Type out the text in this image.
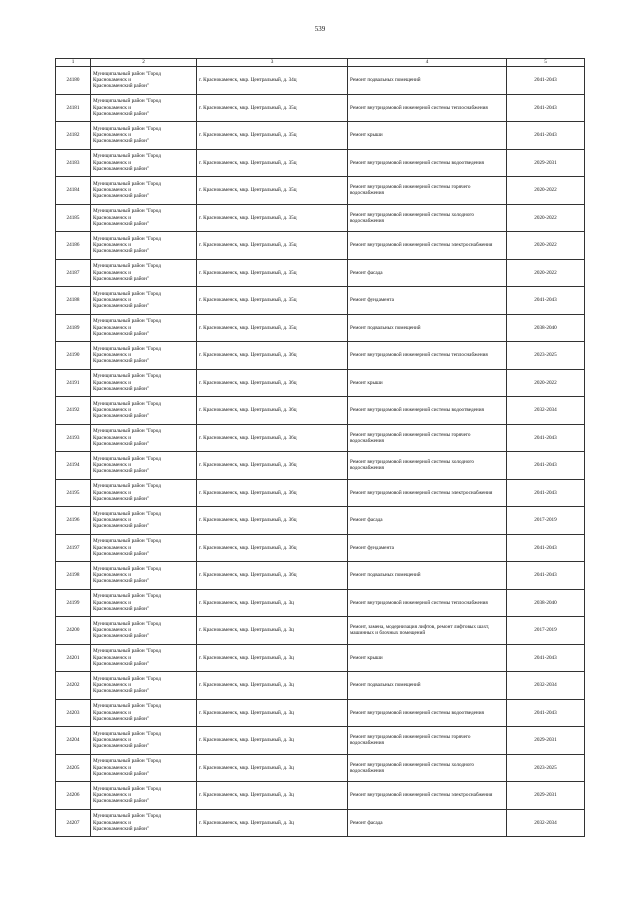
539
1	2	3	4	5
24180	Муниципальный район "Город
Краснокаменск и
Краснокаменский район"	г. Краснокаменск, мкр. Центральный, д. 34ц	Ремонт подвальных помещений	2041-2043
24181	Муниципальный район "Город
Краснокаменск и
Краснокаменский район"	г. Краснокаменск, мкр. Центральный, д. 35ц	Ремонт внутридомовой инженерной системы теплоснабжения	2041-2043
24182	Муниципальный район "Город
Краснокаменск и
Краснокаменский район"	г. Краснокаменск, мкр. Центральный, д. 35ц	Ремонт крыши	2041-2043
24183	Муниципальный район "Город
Краснокаменск и
Краснокаменский район"	г. Краснокаменск, мкр. Центральный, д. 35ц	Ремонт внутридомовой инженерной системы водоотведения	2029-2031
24184	Муниципальный район "Город
Краснокаменск и
Краснокаменский район"	г. Краснокаменск, мкр. Центральный, д. 35ц	Ремонт внутридомовой инженерной системы горячего водоснабжения	2020-2022
24185	Муниципальный район "Город
Краснокаменск и
Краснокаменский район"	г. Краснокаменск, мкр. Центральный, д. 35ц	Ремонт внутридомовой инженерной системы холодного водоснабжения	2020-2022
24186	Муниципальный район "Город
Краснокаменск и
Краснокаменский район"	г. Краснокаменск, мкр. Центральный, д. 35ц	Ремонт внутридомовой инженерной системы электроснабжения	2020-2022
24187	Муниципальный район "Город
Краснокаменск и
Краснокаменский район"	г. Краснокаменск, мкр. Центральный, д. 35ц	Ремонт фасада	2020-2022
24188	Муниципальный район "Город
Краснокаменск и
Краснокаменский район"	г. Краснокаменск, мкр. Центральный, д. 35ц	Ремонт фундамента	2041-2043
24189	Муниципальный район "Город
Краснокаменск и
Краснокаменский район"	г. Краснокаменск, мкр. Центральный, д. 35ц	Ремонт подвальных помещений	2038-2040
24190	Муниципальный район "Город
Краснокаменск и
Краснокаменский район"	г. Краснокаменск, мкр. Центральный, д. 36ц	Ремонт внутридомовой инженерной системы теплоснабжения	2023-2025
24191	Муниципальный район "Город
Краснокаменск и
Краснокаменский район"	г. Краснокаменск, мкр. Центральный, д. 36ц	Ремонт крыши	2020-2022
24192	Муниципальный район "Город
Краснокаменск и
Краснокаменский район"	г. Краснокаменск, мкр. Центральный, д. 36ц	Ремонт внутридомовой инженерной системы водоотведения	2032-2034
24193	Муниципальный район "Город
Краснокаменск и
Краснокаменский район"	г. Краснокаменск, мкр. Центральный, д. 36ц	Ремонт внутридомовой инженерной системы горячего водоснабжения	2041-2043
24194	Муниципальный район "Город
Краснокаменск и
Краснокаменский район"	г. Краснокаменск, мкр. Центральный, д. 36ц	Ремонт внутридомовой инженерной системы холодного водоснабжения	2041-2043
24195	Муниципальный район "Город
Краснокаменск и
Краснокаменский район"	г. Краснокаменск, мкр. Центральный, д. 36ц	Ремонт внутридомовой инженерной системы электроснабжения	2041-2043
24196	Муниципальный район "Город
Краснокаменск и
Краснокаменский район"	г. Краснокаменск, мкр. Центральный, д. 36ц	Ремонт фасада	2017-2019
24197	Муниципальный район "Город
Краснокаменск и
Краснокаменский район"	г. Краснокаменск, мкр. Центральный, д. 36ц	Ремонт фундамента	2041-2043
24198	Муниципальный район "Город
Краснокаменск и
Краснокаменский район"	г. Краснокаменск, мкр. Центральный, д. 36ц	Ремонт подвальных помещений	2041-2043
24199	Муниципальный район "Город
Краснокаменск и
Краснокаменский район"	г. Краснокаменск, мкр. Центральный, д. 3ц	Ремонт внутридомовой инженерной системы теплоснабжения	2038-2040
24200	Муниципальный район "Город
Краснокаменск и
Краснокаменский район"	г. Краснокаменск, мкр. Центральный, д. 3ц	Ремонт, замена, модернизация лифтов, ремонт лифтовых шахт, машинных и блочных помещений	2017-2019
24201	Муниципальный район "Город
Краснокаменск и
Краснокаменский район"	г. Краснокаменск, мкр. Центральный, д. 3ц	Ремонт крыши	2041-2043
24202	Муниципальный район "Город
Краснокаменск и
Краснокаменский район"	г. Краснокаменск, мкр. Центральный, д. 3ц	Ремонт подвальных помещений	2032-2034
24203	Муниципальный район "Город
Краснокаменск и
Краснокаменский район"	г. Краснокаменск, мкр. Центральный, д. 3ц	Ремонт внутридомовой инженерной системы водоотведения	2041-2043
24204	Муниципальный район "Город
Краснокаменск и
Краснокаменский район"	г. Краснокаменск, мкр. Центральный, д. 3ц	Ремонт внутридомовой инженерной системы горячего водоснабжения	2029-2031
24205	Муниципальный район "Город
Краснокаменск и
Краснокаменский район"	г. Краснокаменск, мкр. Центральный, д. 3ц	Ремонт внутридомовой инженерной системы холодного водоснабжения	2023-2025
24206	Муниципальный район "Город
Краснокаменск и
Краснокаменский район"	г. Краснокаменск, мкр. Центральный, д. 3ц	Ремонт внутридомовой инженерной системы электроснабжения	2029-2031
24207	Муниципальный район "Город
Краснокаменск и
Краснокаменский район"	г. Краснокаменск, мкр. Центральный, д. 3ц	Ремонт фасада	2032-2034
